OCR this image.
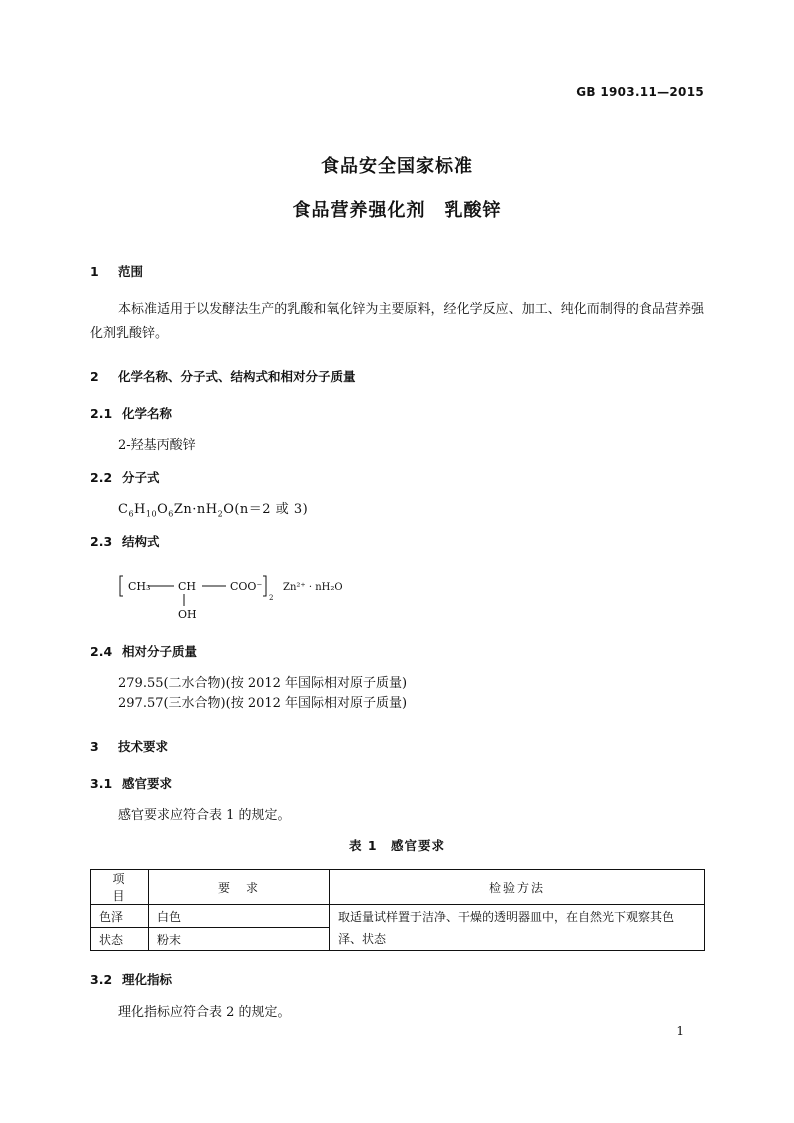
GB 1903.11—2015
食品安全国家标准
食品营养强化剂　乳酸锌
1 范围
本标准适用于以发酵法生产的乳酸和氧化锌为主要原料，经化学反应、加工、纯化而制得的食品营养强化剂乳酸锌。
2 化学名称、分子式、结构式和相对分子质量
2.1 化学名称
2-羟基丙酸锌
2.2 分子式
$C_6H_{10}O_6Zn\cdot nH_2O(n=2$ 或 3)
2.3 结构式
CH₃	CH
OH
COO⁻
2
Zn²⁺ · nH₂O
2.4 相对分子质量
279.55(二水合物)(按 2012 年国际相对原子质量)
297.57(三水合物)(按 2012 年国际相对原子质量)
3 技术要求
3.1 感官要求
感官要求应符合表 1 的规定。
表 1　感官要求
项　目	要　求	检验方法
色泽	白色	取适量试样置于洁净、干燥的透明器皿中，在自然光下观察其色泽、状态
状态	粉末	
3.2 理化指标
理化指标应符合表 2 的规定。
1
